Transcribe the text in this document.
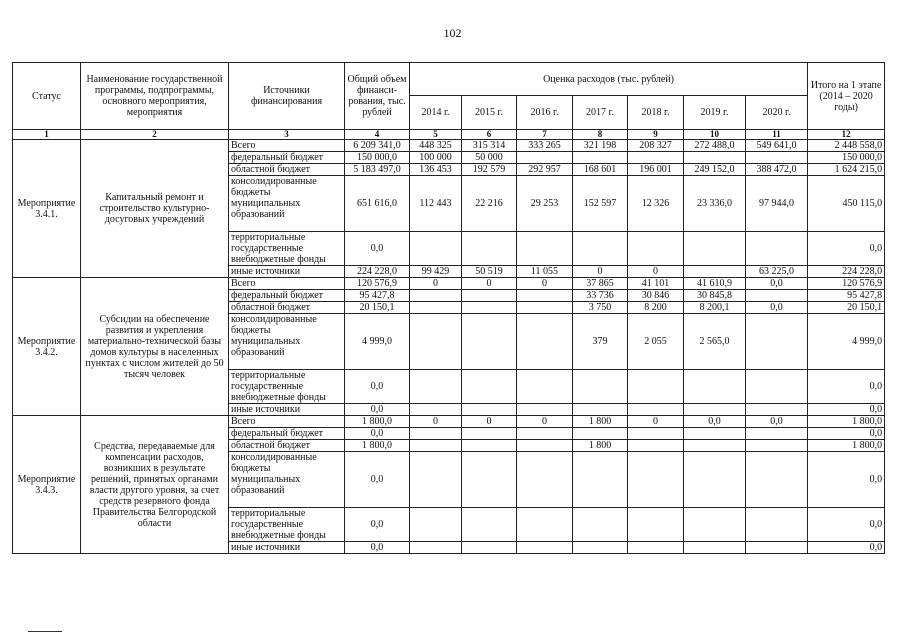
102
Статус	Наименование государственной программы, подпрограммы, основного мероприятия, мероприятия	Источники финансирования	Общий объем финанси-рования, тыс. рублей	Оценка расходов (тыс. рублей)							Итого на 1 этапе (2014 – 2020 годы)
				2014 г.	2015 г.	2016 г.	2017 г.	2018 г.	2019 г.	2020 г.	
1	2	3	4	5	6	7	8	9	10	11	12
Мероприятие 3.4.1.	Капитальный ремонт и строительство культурно-досуговых учреждений	Всего	6 209 341,0	448 325	315 314	333 265	321 198	208 327	272 488,0	549 641,0	2 448 558,0
		федеральный бюджет	150 000,0	100 000	50 000						150 000,0
		областной бюджет	5 183 497,0	136 453	192 579	292 957	168 601	196 001	249 152,0	388 472,0	1 624 215,0
		консолидированные бюджеты муниципальных образований	651 616,0	112 443	22 216	29 253	152 597	12 326	23 336,0	97 944,0	450 115,0
		территориальные государственные внебюджетные фонды	0,0								0,0
		иные источники	224 228,0	99 429	50 519	11 055	0	0		63 225,0	224 228,0
Мероприятие 3.4.2.	Субсидии на обеспечение развития и укрепления материально-технической базы домов культуры в населенных пунктах с числом жителей до 50 тысяч человек	Всего	120 576,9	0	0	0	37 865	41 101	41 610,9	0,0	120 576,9
		федеральный бюджет	95 427,8				33 736	30 846	30 845,8		95 427,8
		областной бюджет	20 150,1				3 750	8 200	8 200,1	0,0	20 150,1
		консолидированные бюджеты муниципальных образований	4 999,0				379	2 055	2 565,0		4 999,0
		территориальные государственные внебюджетные фонды	0,0								0,0
		иные источники	0,0								0,0
Мероприятие 3.4.3.	Средства, передаваемые для компенсации расходов, возникших в результате решений, принятых органами власти другого уровня, за счет средств резервного фонда Правительства Белгородской области	Всего	1 800,0	0	0	0	1 800	0	0,0	0,0	1 800,0
		федеральный бюджет	0,0								0,0
		областной бюджет	1 800,0				1 800				1 800,0
		консолидированные бюджеты муниципальных образований	0,0								0,0
		территориальные государственные внебюджетные фонды	0,0								0,0
		иные источники	0,0								0,0
